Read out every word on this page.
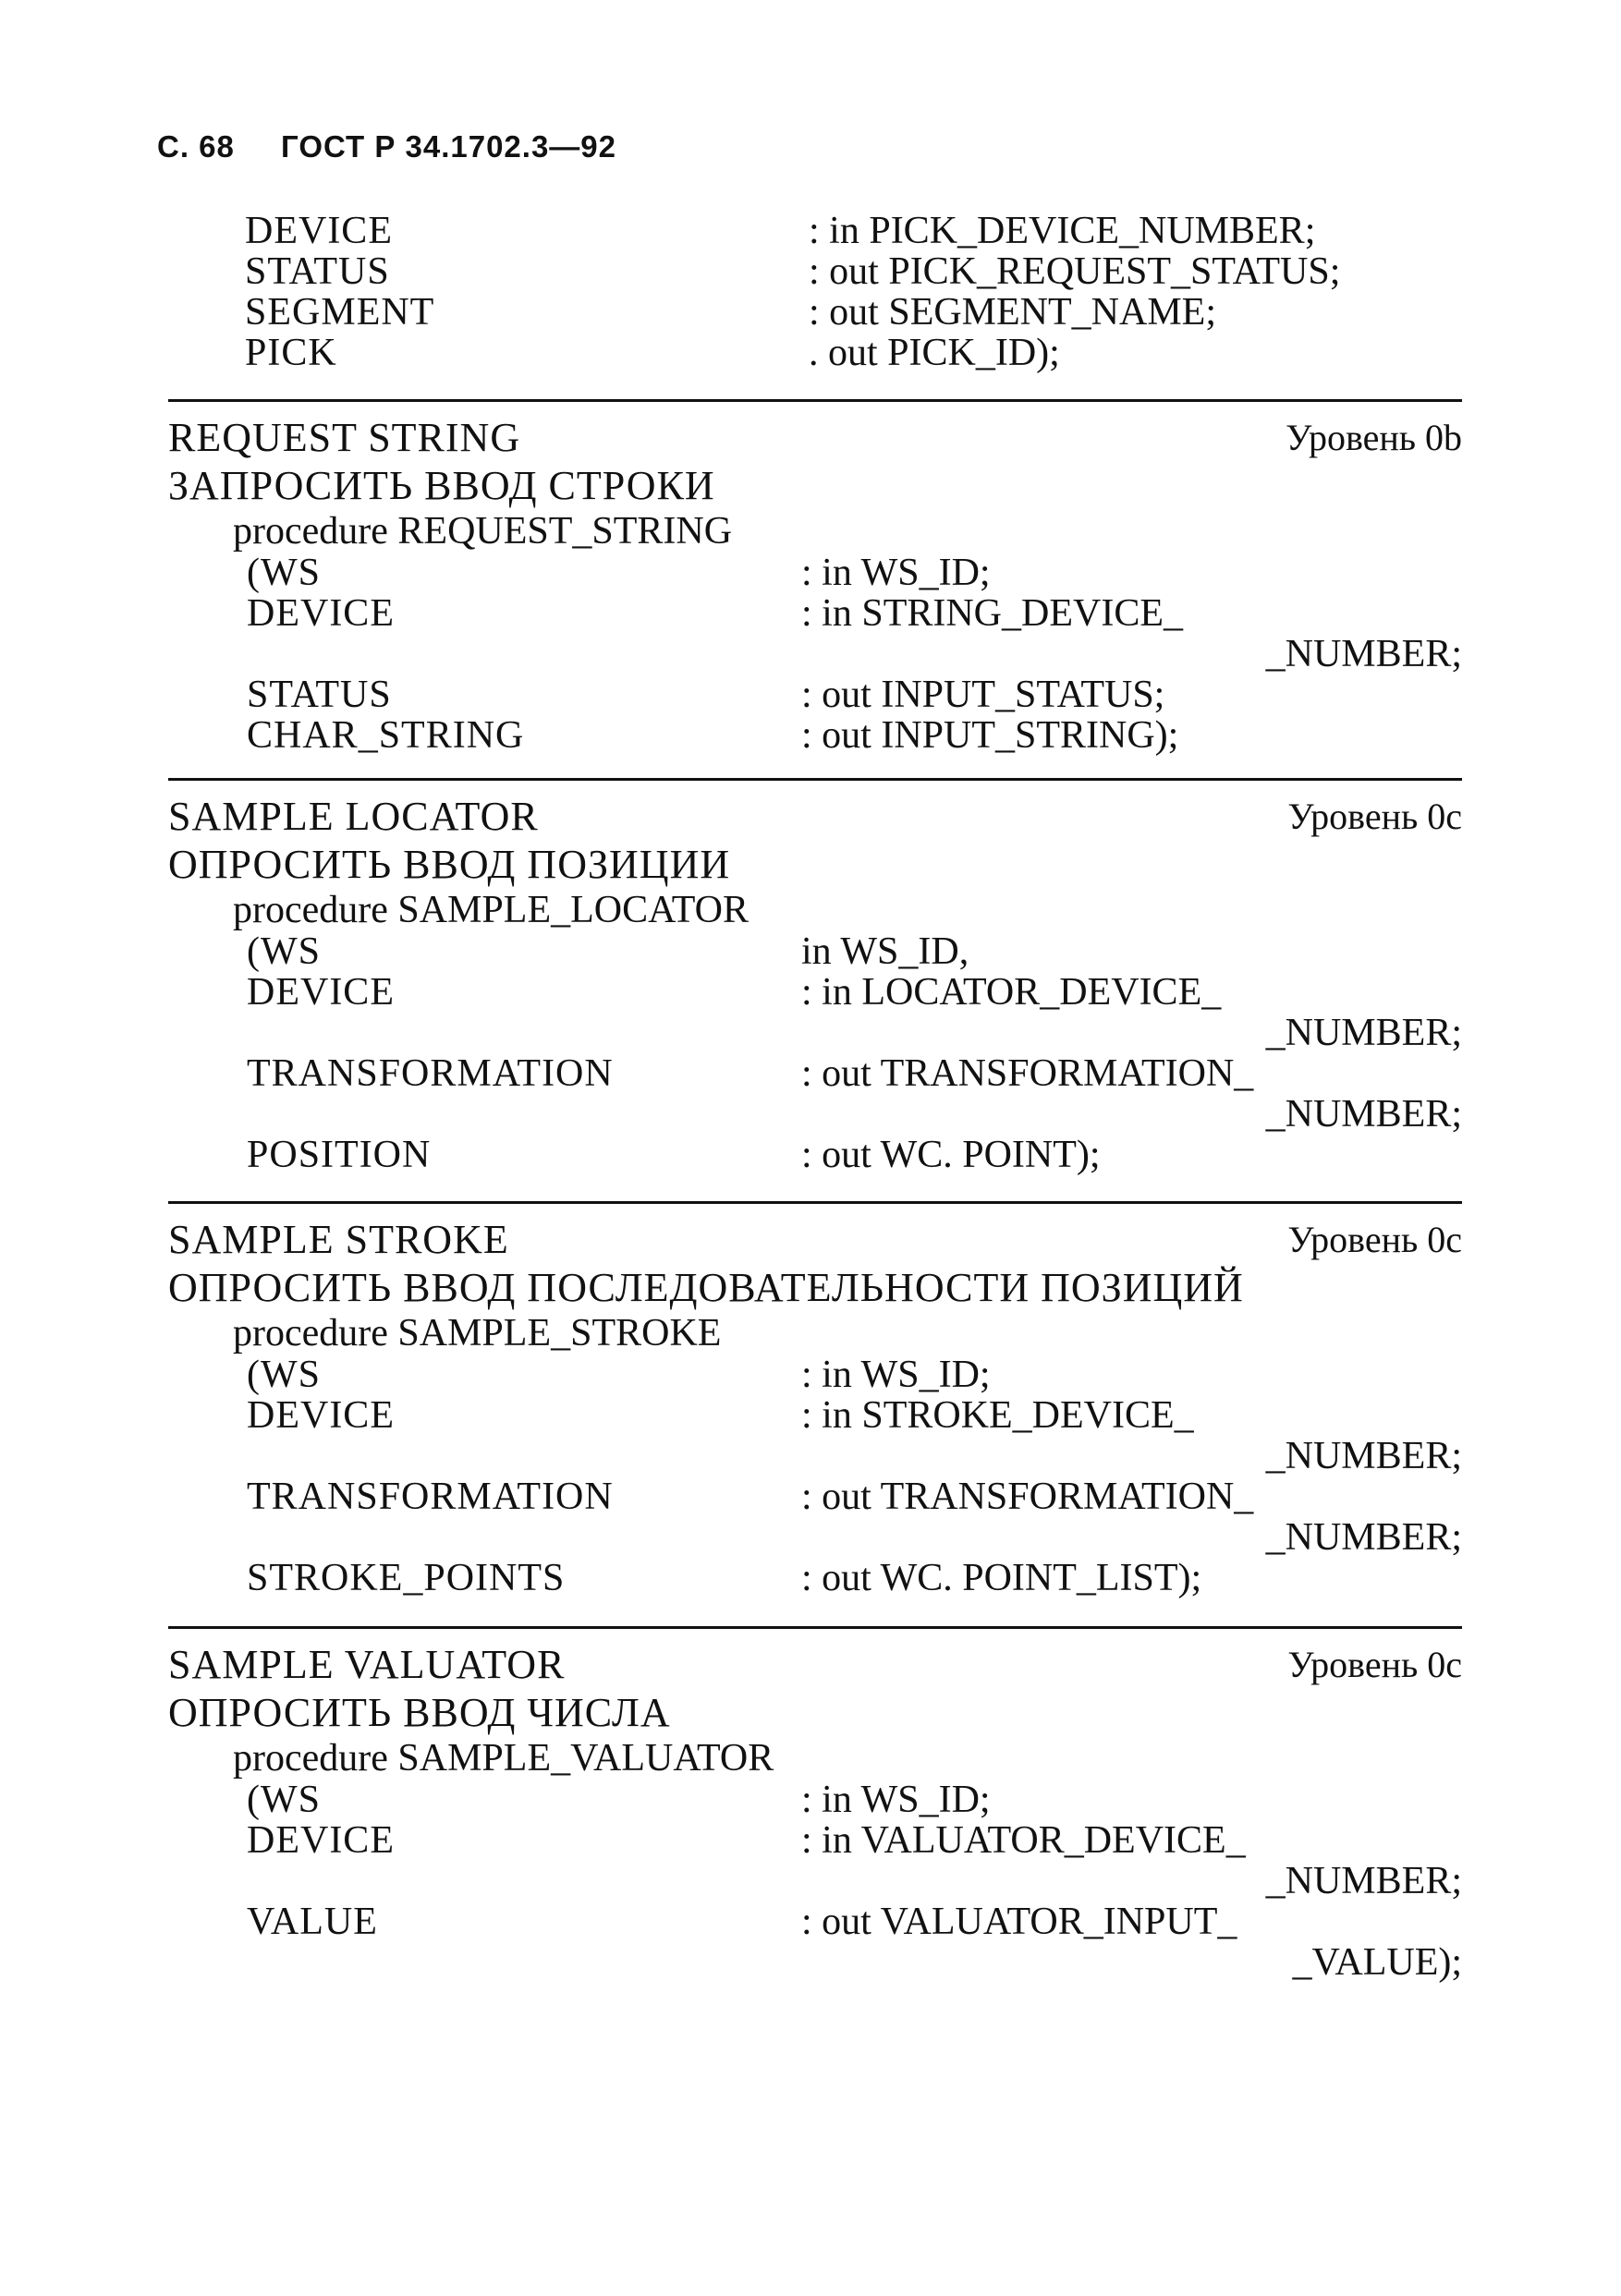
С. 68 ГОСТ Р 34.1702.3—92
DEVICE	: in PICK_DEVICE_NUMBER;
STATUS	: out PICK_REQUEST_STATUS;
SEGMENT	: out SEGMENT_NAME;
PICK	. out PICK_ID);
REQUEST STRING	Уровень 0b
ЗАПРОСИТЬ ВВОД СТРОКИ
procedure REQUEST_STRING
(WS	: in WS_ID;
DEVICE	: in STRING_DEVICE_
_NUMBER;
STATUS	: out INPUT_STATUS;
CHAR_STRING	: out INPUT_STRING);
SAMPLE LOCATOR	Уровень 0c
ОПРОСИТЬ ВВОД ПОЗИЦИИ
procedure SAMPLE_LOCATOR
(WS	in WS_ID,
DEVICE	: in LOCATOR_DEVICE_
_NUMBER;
TRANSFORMATION	: out TRANSFORMATION_
_NUMBER;
POSITION	: out WC. POINT);
SAMPLE STROKE	Уровень 0c
ОПРОСИТЬ ВВОД ПОСЛЕДОВАТЕЛЬНОСТИ ПОЗИЦИЙ
procedure SAMPLE_STROKE
(WS	: in WS_ID;
DEVICE	: in STROKE_DEVICE_
_NUMBER;
TRANSFORMATION	: out TRANSFORMATION_
_NUMBER;
STROKE_POINTS	: out WC. POINT_LIST);
SAMPLE VALUATOR	Уровень 0c
ОПРОСИТЬ ВВОД ЧИСЛА
procedure SAMPLE_VALUATOR
(WS	: in WS_ID;
DEVICE	: in VALUATOR_DEVICE_
_NUMBER;
VALUE	: out VALUATOR_INPUT_
_VALUE);
